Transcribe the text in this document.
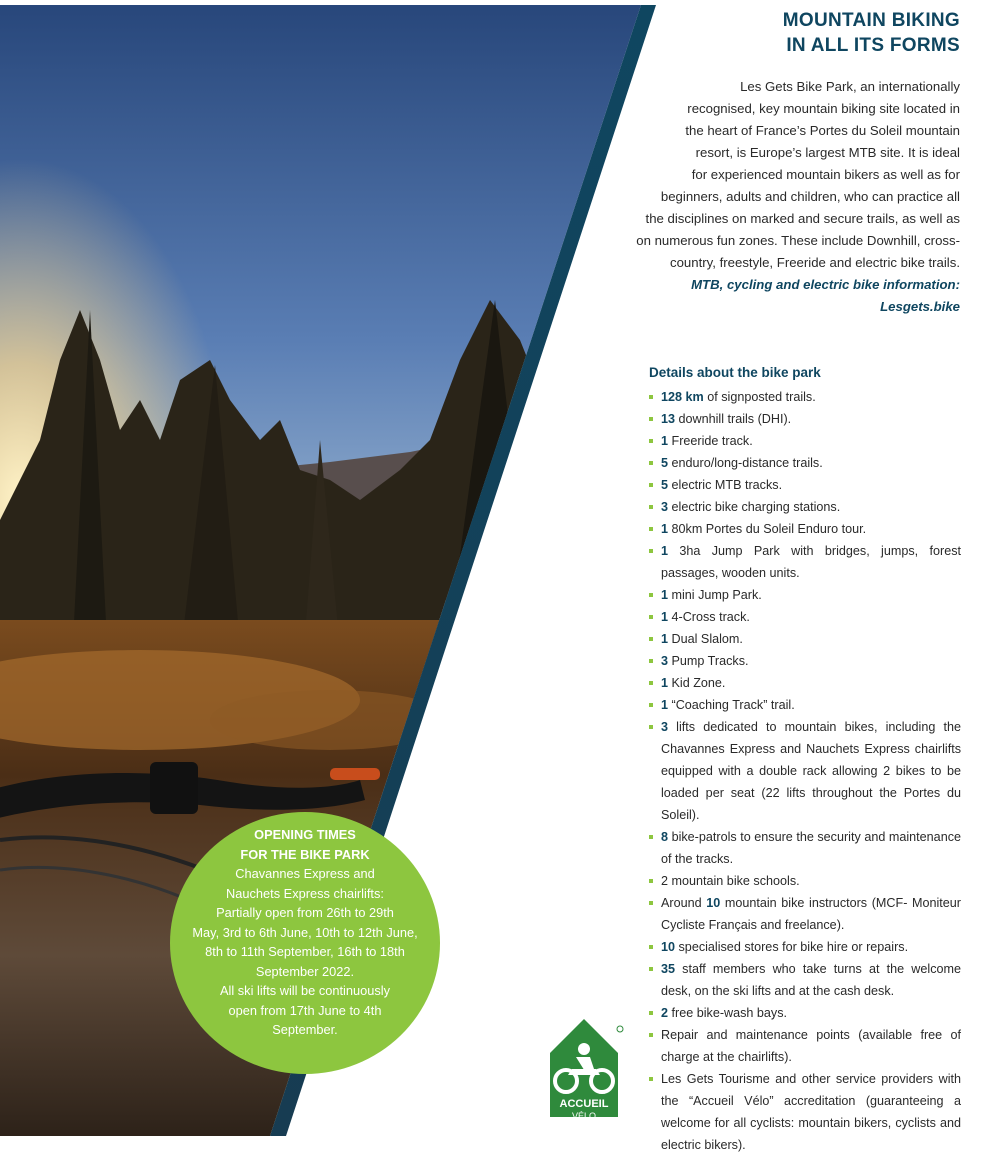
MOUNTAIN BIKING
IN ALL ITS FORMS
Les Gets Bike Park, an internationally
recognised, key mountain biking site located in
the heart of France’s Portes du Soleil mountain
resort, is Europe’s largest MTB site. It is ideal
for experienced mountain bikers as well as for
beginners, adults and children, who can practice all
the disciplines on marked and secure trails, as well as
on numerous fun zones. These include Downhill, cross-
country, freestyle, Freeride and electric bike trails.
MTB, cycling and electric bike information: Lesgets.bike
Details about the bike park
128 km of signposted trails.
13 downhill trails (DHI).
1 Freeride track.
5 enduro/long-distance trails.
5 electric MTB tracks.
3 electric bike charging stations.
1 80km Portes du Soleil Enduro tour.
1 3ha Jump Park with bridges, jumps, forest passages, wooden units.
1 mini Jump Park.
1 4-Cross track.
1 Dual Slalom.
3 Pump Tracks.
1 Kid Zone.
1 “Coaching Track” trail.
3 lifts dedicated to mountain bikes, including the Chavannes Express and Nauchets Express chairlifts equipped with a double rack allowing 2 bikes to be loaded per seat (22 lifts throughout the Portes du Soleil).
8 bike-patrols to ensure the security and maintenance of the tracks.
2 mountain bike schools.
Around 10 mountain bike instructors (MCF- Moniteur Cycliste Français and freelance).
10 specialised stores for bike hire or repairs.
35 staff members who take turns at the welcome desk, on the ski lifts and at the cash desk.
2 free bike-wash bays.
Repair and maintenance points (available free of charge at the chairlifts).
Les Gets Tourisme and other service providers with the “Accueil Vélo” accreditation (guaranteeing a welcome for all cyclists: mountain bikers, cyclists and electric bikers).
OPENING TIMES
FOR THE BIKE PARK
Chavannes Express and
Nauchets Express chairlifts:
Partially open from 26th to 29th
May, 3rd to 6th June, 10th to 12th June,
8th to 11th September, 16th to 18th
September 2022.
All ski lifts will be continuously
open from 17th June to 4th
September.
ACCUEIL
VÉLO
